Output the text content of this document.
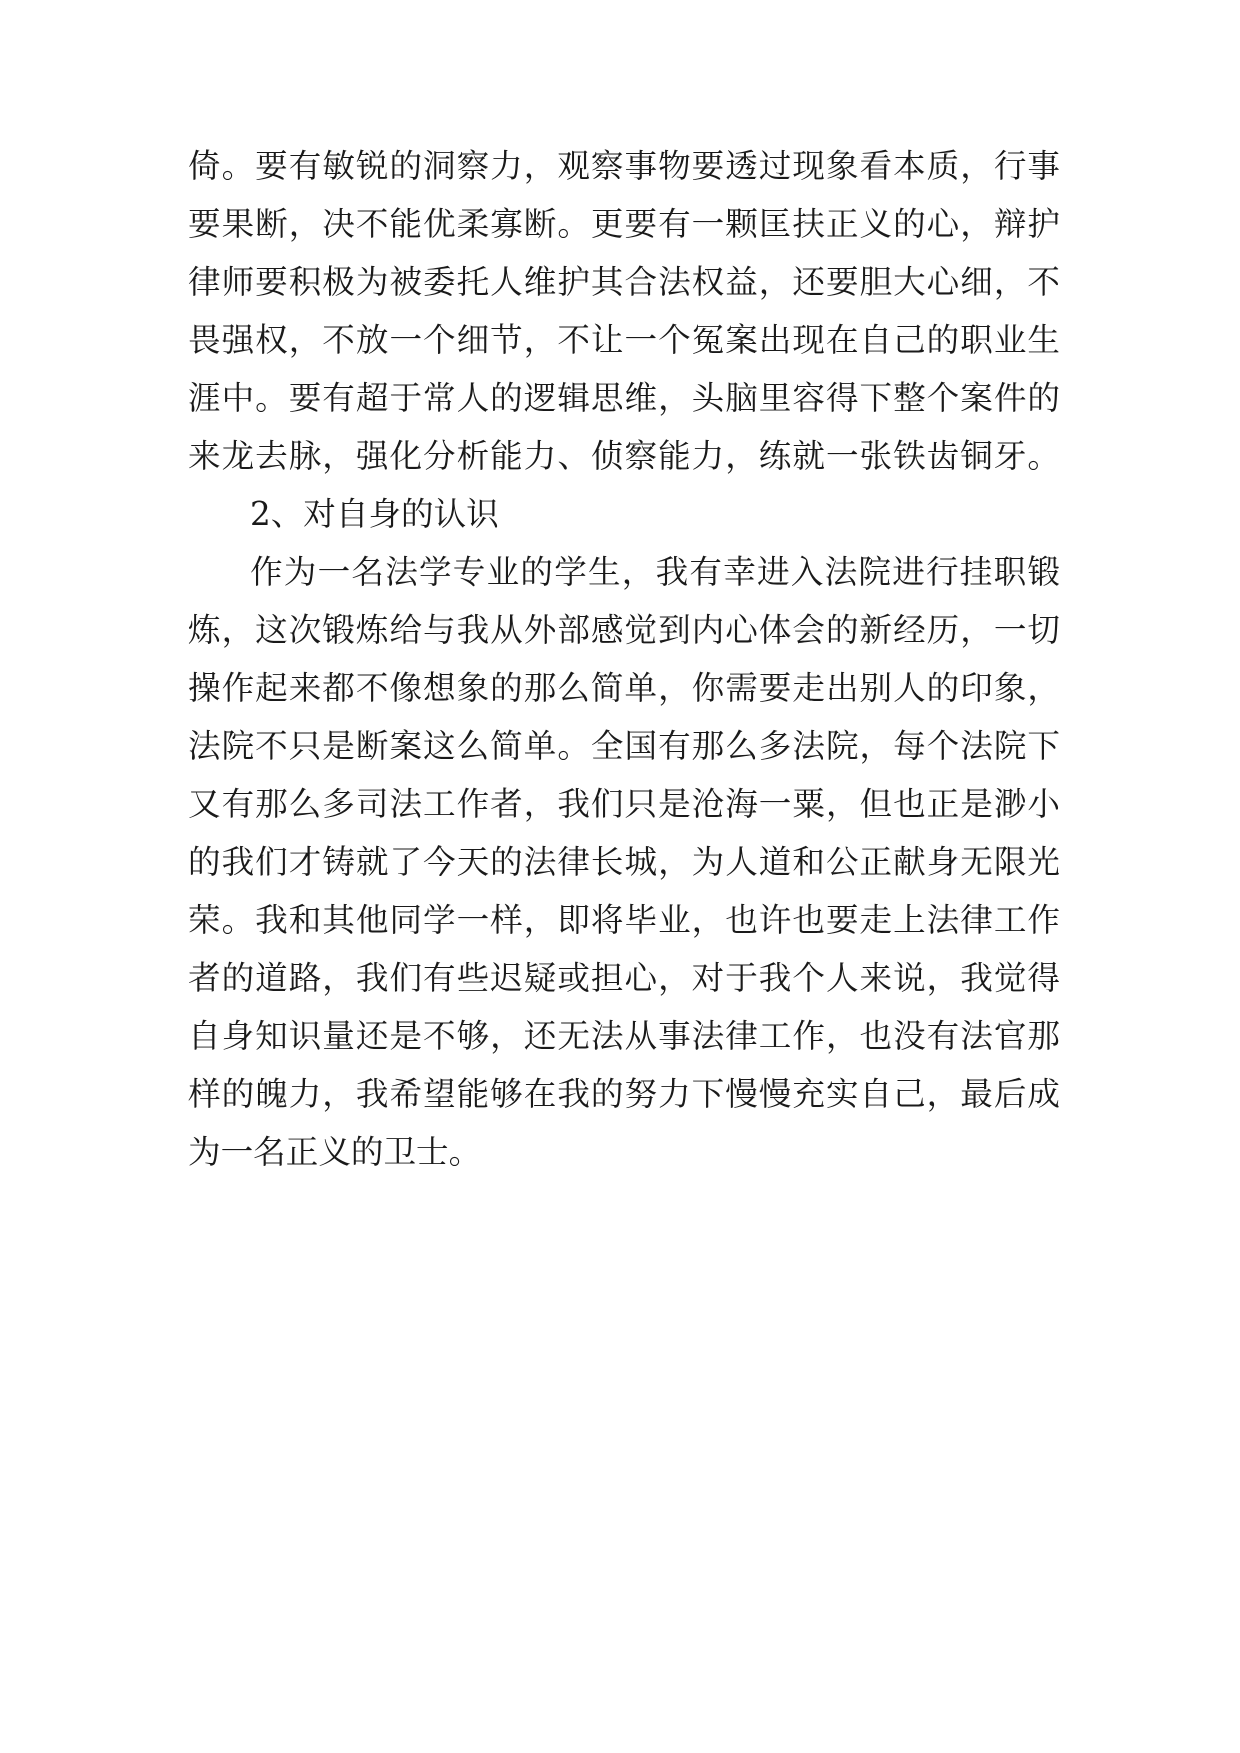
倚。要有敏锐的洞察力，观察事物要透过现象看本质，行事
要果断，决不能优柔寡断。更要有一颗匡扶正义的心，辩护
律师要积极为被委托人维护其合法权益，还要胆大心细，不
畏强权，不放一个细节，不让一个冤案出现在自己的职业生
涯中。要有超于常人的逻辑思维，头脑里容得下整个案件的
来龙去脉，强化分析能力、侦察能力，练就一张铁齿铜牙。
2、对自身的认识
作为一名法学专业的学生，我有幸进入法院进行挂职锻
炼，这次锻炼给与我从外部感觉到内心体会的新经历，一切
操作起来都不像想象的那么简单，你需要走出别人的印象，
法院不只是断案这么简单。全国有那么多法院，每个法院下
又有那么多司法工作者，我们只是沧海一粟，但也正是渺小
的我们才铸就了今天的法律长城，为人道和公正献身无限光
荣。我和其他同学一样，即将毕业，也许也要走上法律工作
者的道路，我们有些迟疑或担心，对于我个人来说，我觉得
自身知识量还是不够，还无法从事法律工作，也没有法官那
样的魄力，我希望能够在我的努力下慢慢充实自己，最后成
为一名正义的卫士。
